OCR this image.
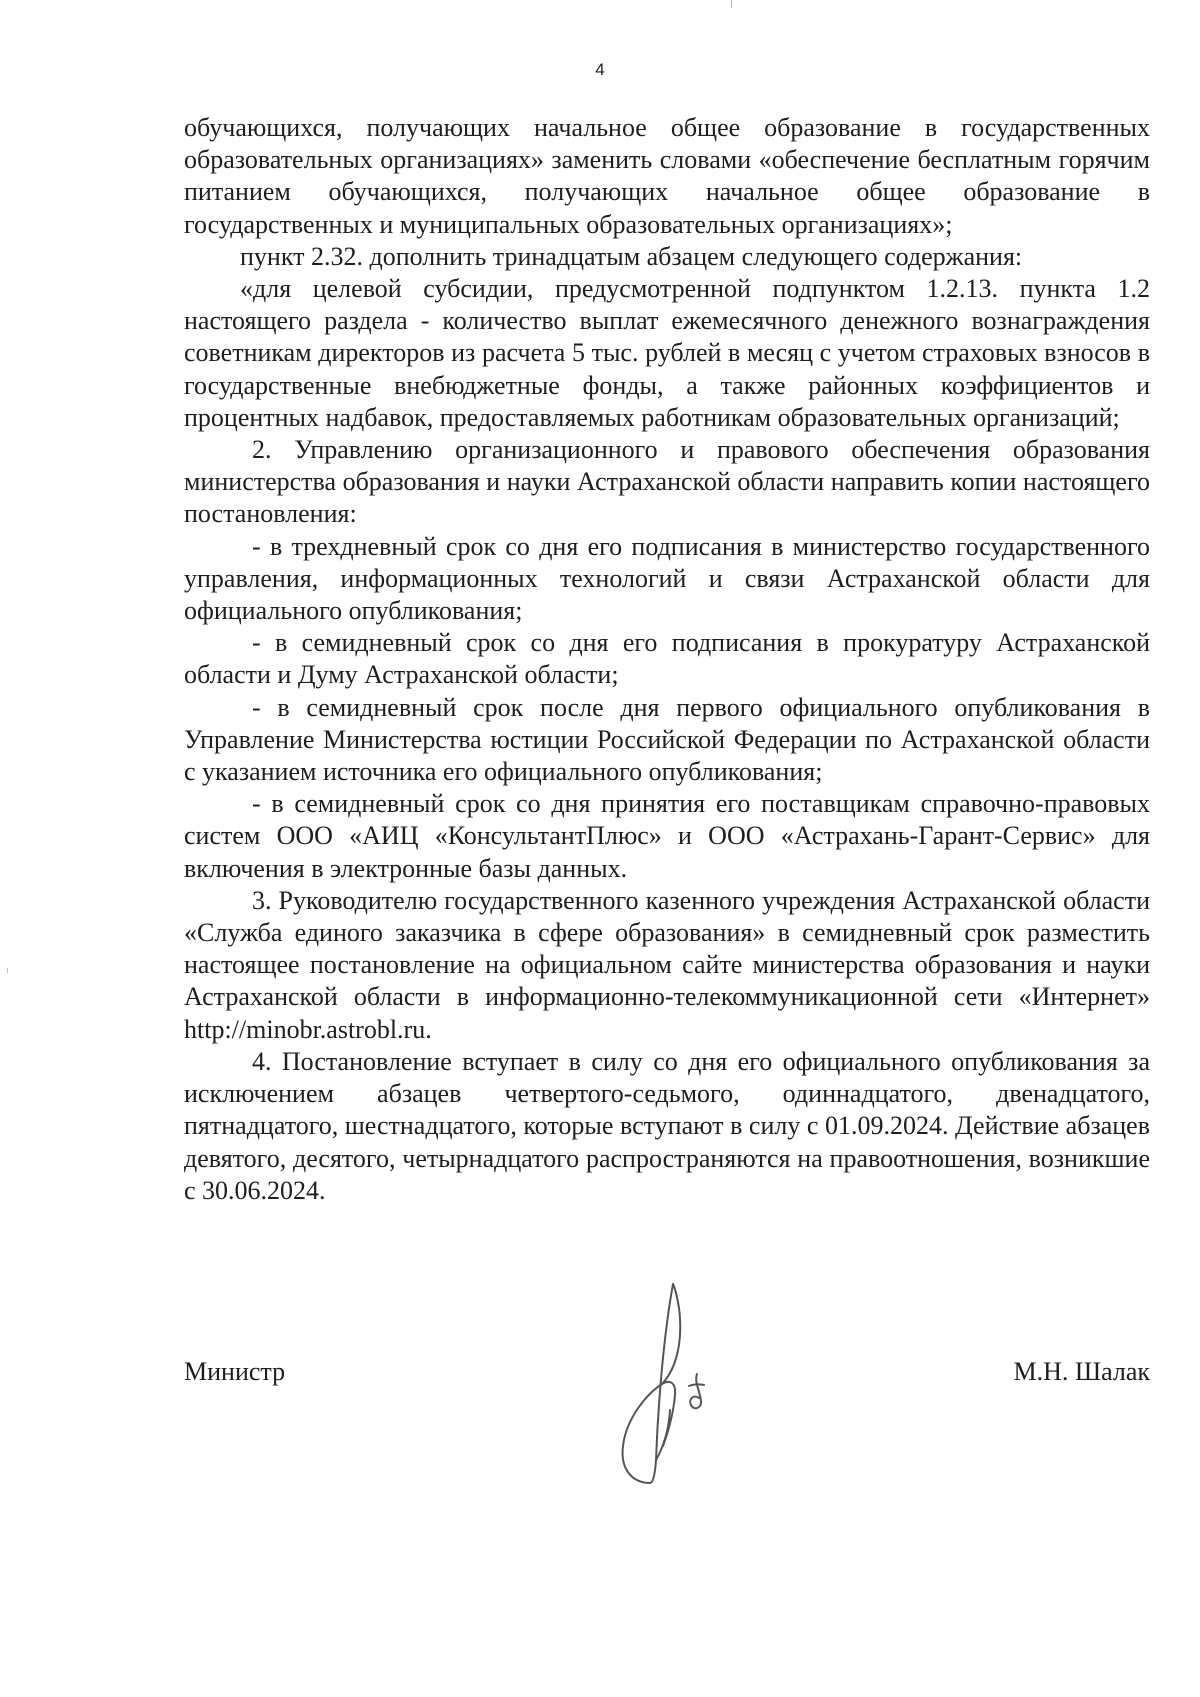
4

обучающихся, получающих начальное общее образование в государственных образовательных организациях» заменить словами «обеспечение бесплатным горячим питанием обучающихся, получающих начальное общее образование в государственных и муниципальных образовательных организациях»;

пункт 2.32. дополнить тринадцатым абзацем следующего содержания:

«для целевой субсидии, предусмотренной подпунктом 1.2.13. пункта 1.2 настоящего раздела - количество выплат ежемесячного денежного вознаграждения советникам директоров из расчета 5 тыс. рублей в месяц с учетом страховых взносов в государственные внебюджетные фонды, а также районных коэффициентов и процентных надбавок, предоставляемых работникам образовательных организаций;

2. Управлению организационного и правового обеспечения образования министерства образования и науки Астраханской области направить копии настоящего постановления:

- в трехдневный срок со дня его подписания в министерство государственного управления, информационных технологий и связи Астраханской области для официального опубликования;

- в семидневный срок со дня его подписания в прокуратуру Астраханской области и Думу Астраханской области;

- в семидневный срок после дня первого официального опубликования в Управление Министерства юстиции Российской Федерации по Астраханской области с указанием источника его официального опубликования;

- в семидневный срок со дня принятия его поставщикам справочно-правовых систем ООО «АИЦ «КонсультантПлюс» и ООО «Астрахань-Гарант-Сервис» для включения в электронные базы данных.

3. Руководителю государственного казенного учреждения Астраханской области «Служба единого заказчика в сфере образования» в семидневный срок разместить настоящее постановление на официальном сайте министерства образования и науки Астраханской области в информационно-телекоммуникационной сети «Интернет» http://minobr.astrobl.ru.

4. Постановление вступает в силу со дня его официального опубликования за исключением абзацев четвертого-седьмого, одиннадцатого, двенадцатого, пятнадцатого, шестнадцатого, которые вступают в силу с 01.09.2024. Действие абзацев девятого, десятого, четырнадцатого распространяются на правоотношения, возникшие с 30.06.2024.

Министр	М.Н. Шалак
